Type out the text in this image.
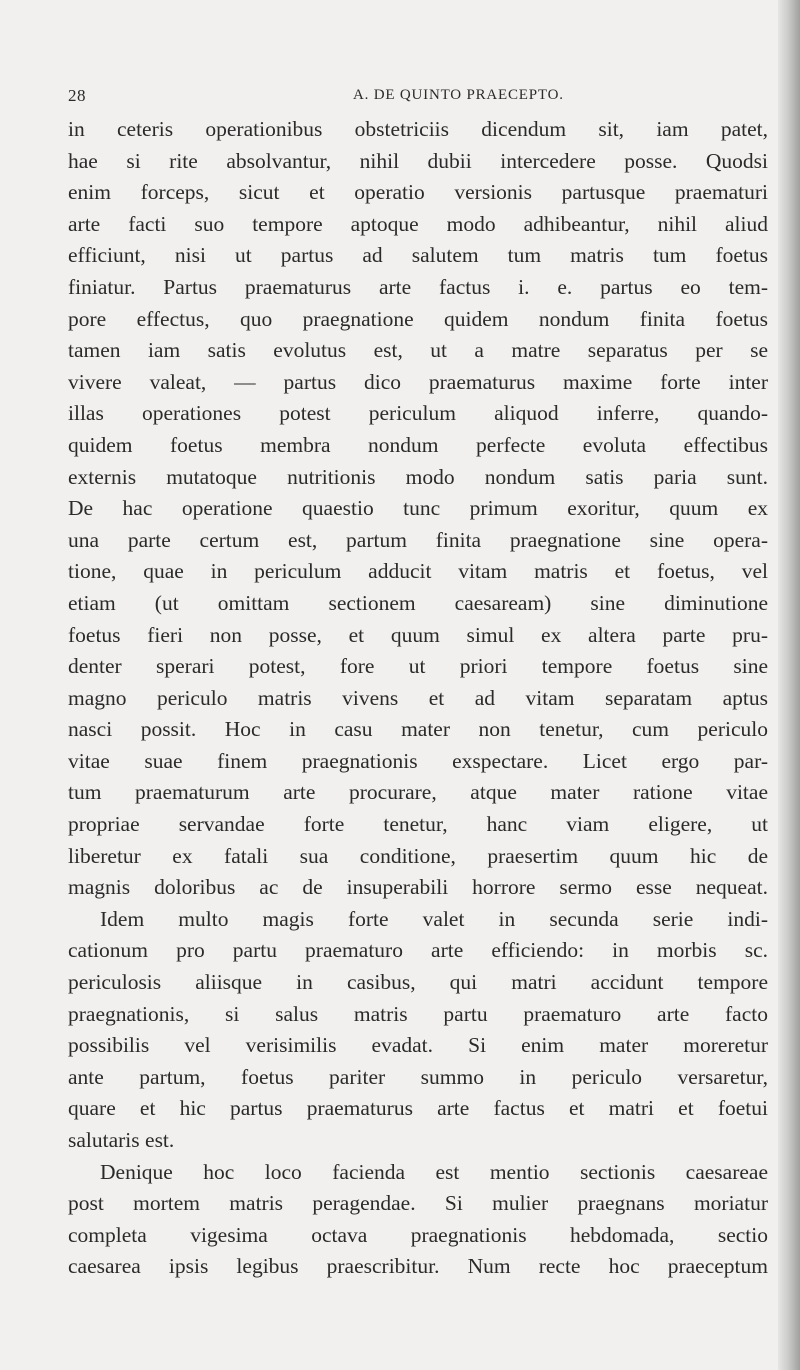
28	A. DE QUINTO PRAECEPTO.
in ceteris operationibus obstetriciis dicendum sit, iam patet,
hae si rite absolvantur, nihil dubii intercedere posse. Quodsi
enim forceps, sicut et operatio versionis partusque praematuri
arte facti suo tempore aptoque modo adhibeantur, nihil aliud
efficiunt, nisi ut partus ad salutem tum matris tum foetus
finiatur. Partus praematurus arte factus i. e. partus eo tem-
pore effectus, quo praegnatione quidem nondum finita foetus
tamen iam satis evolutus est, ut a matre separatus per se
vivere valeat, — partus dico praematurus maxime forte inter
illas operationes potest periculum aliquod inferre, quando-
quidem foetus membra nondum perfecte evoluta effectibus
externis mutatoque nutritionis modo nondum satis paria sunt.
De hac operatione quaestio tunc primum exoritur, quum ex
una parte certum est, partum finita praegnatione sine opera-
tione, quae in periculum adducit vitam matris et foetus, vel
etiam (ut omittam sectionem caesaream) sine diminutione
foetus fieri non posse, et quum simul ex altera parte pru-
denter sperari potest, fore ut priori tempore foetus sine
magno periculo matris vivens et ad vitam separatam aptus
nasci possit. Hoc in casu mater non tenetur, cum periculo
vitae suae finem praegnationis exspectare. Licet ergo par-
tum praematurum arte procurare, atque mater ratione vitae
propriae servandae forte tenetur, hanc viam eligere, ut
liberetur ex fatali sua conditione, praesertim quum hic de
magnis doloribus ac de insuperabili horrore sermo esse nequeat.
Idem multo magis forte valet in secunda serie indi-
cationum pro partu praematuro arte efficiendo: in morbis sc.
periculosis aliisque in casibus, qui matri accidunt tempore
praegnationis, si salus matris partu praematuro arte facto
possibilis vel verisimilis evadat. Si enim mater moreretur
ante partum, foetus pariter summo in periculo versaretur,
quare et hic partus praematurus arte factus et matri et foetui
salutaris est.
Denique hoc loco facienda est mentio sectionis caesareae
post mortem matris peragendae. Si mulier praegnans moriatur
completa vigesima octava praegnationis hebdomada, sectio
caesarea ipsis legibus praescribitur. Num recte hoc praeceptum
